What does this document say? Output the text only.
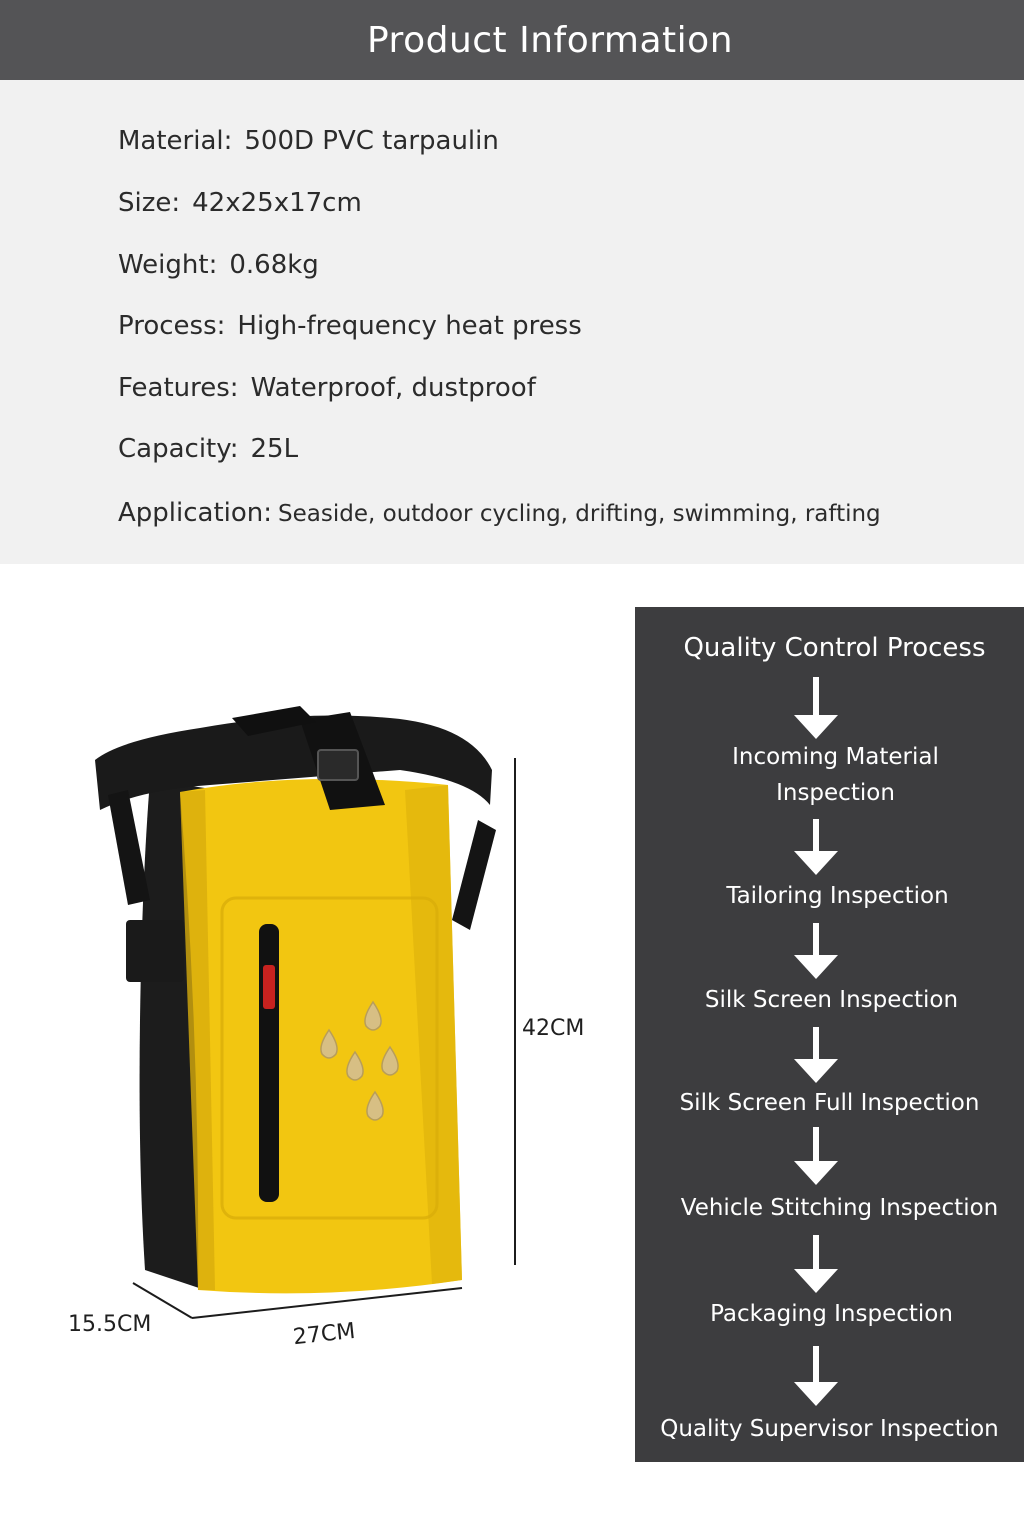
Product Information
Material: 500D PVC tarpaulin
Size: 42x25x17cm
Weight: 0.68kg
Process: High-frequency heat press
Features: Waterproof, dustproof
Capacity: 25L
Application: Seaside, outdoor cycling, drifting, swimming, rafting
42CM
27CM
15.5CM
Quality Control Process
Incoming Material
Inspection
Tailoring Inspection
Silk Screen Inspection
Silk Screen Full Inspection
Vehicle Stitching Inspection
Packaging Inspection
Quality Supervisor Inspection
